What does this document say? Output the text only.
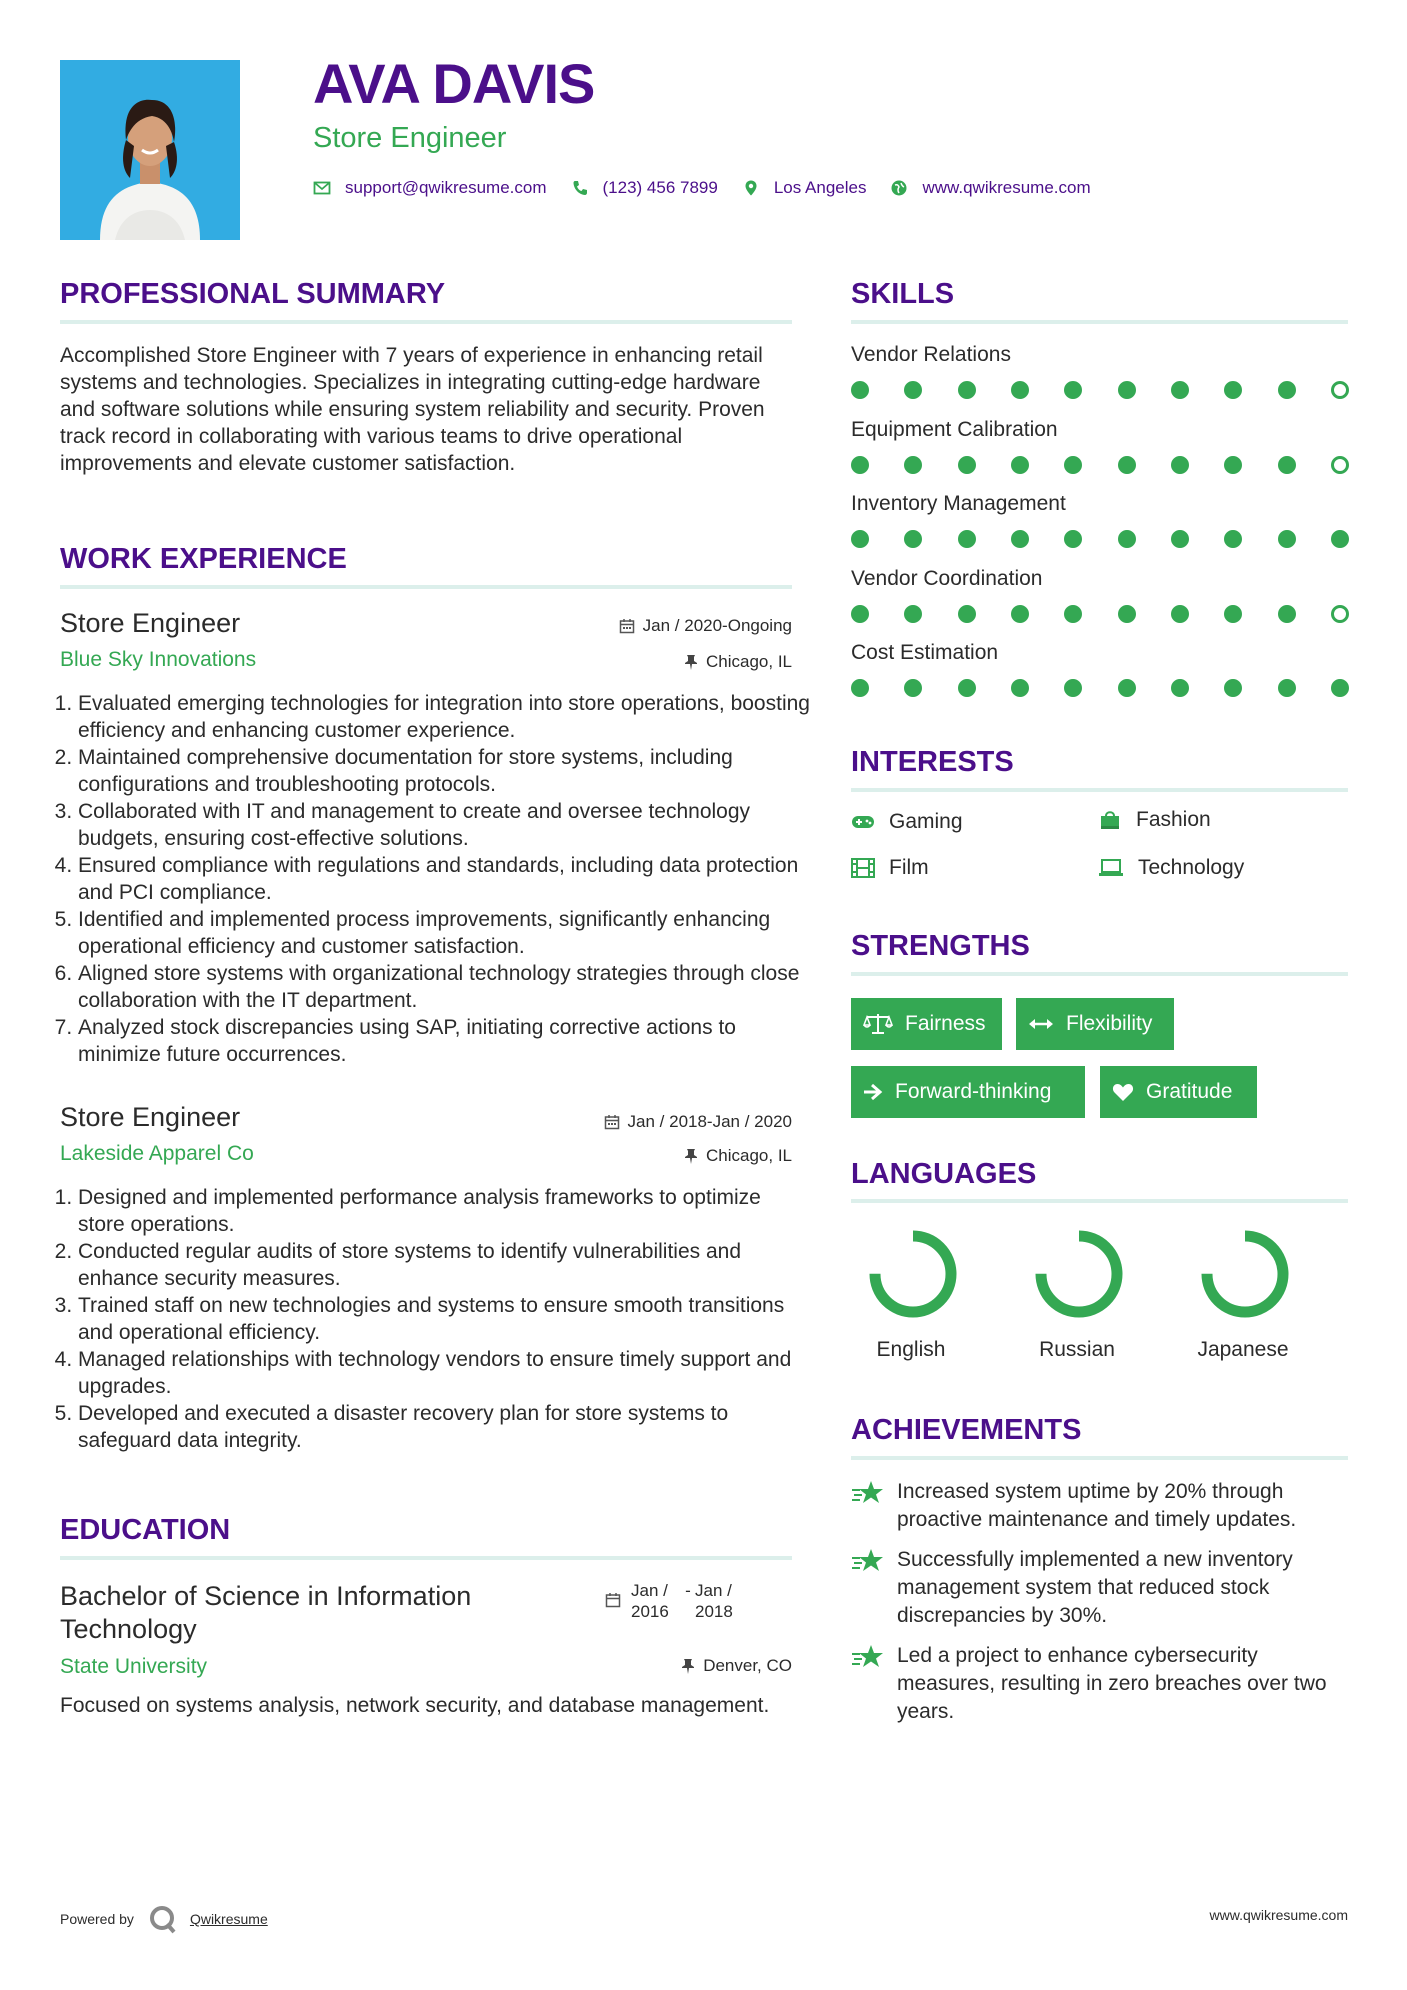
AVA DAVIS
Store Engineer
support@qwikresume.com	(123) 456 7899	Los Angeles	www.qwikresume.com
PROFESSIONAL SUMMARY
Accomplished Store Engineer with 7 years of experience in enhancing retail systems and technologies. Specializes in integrating cutting-edge hardware and software solutions while ensuring system reliability and security. Proven track record in collaborating with various teams to drive operational improvements and elevate customer satisfaction.
WORK EXPERIENCE
Store Engineer	Jan / 2020-Ongoing
Blue Sky Innovations	Chicago, IL
1. Evaluated emerging technologies for integration into store operations, boosting efficiency and enhancing customer experience.
2. Maintained comprehensive documentation for store systems, including configurations and troubleshooting protocols.
3. Collaborated with IT and management to create and oversee technology budgets, ensuring cost-effective solutions.
4. Ensured compliance with regulations and standards, including data protection and PCI compliance.
5. Identified and implemented process improvements, significantly enhancing operational efficiency and customer satisfaction.
6. Aligned store systems with organizational technology strategies through close collaboration with the IT department.
7. Analyzed stock discrepancies using SAP, initiating corrective actions to minimize future occurrences.
Store Engineer	Jan / 2018-Jan / 2020
Lakeside Apparel Co	Chicago, IL
1. Designed and implemented performance analysis frameworks to optimize store operations.
2. Conducted regular audits of store systems to identify vulnerabilities and enhance security measures.
3. Trained staff on new technologies and systems to ensure smooth transitions and operational efficiency.
4. Managed relationships with technology vendors to ensure timely support and upgrades.
5. Developed and executed a disaster recovery plan for store systems to safeguard data integrity.
EDUCATION
Bachelor of Science in Information Technology
Jan / 2016
- Jan / 2018
State University	Denver, CO
Focused on systems analysis, network security, and database management.
SKILLS
Vendor Relations
Equipment Calibration
Inventory Management
Vendor Coordination
Cost Estimation
INTERESTS
Gaming	Fashion
Film	Technology
STRENGTHS
Fairness	Flexibility
Forward-thinking	Gratitude
LANGUAGES
English	Russian	Japanese
ACHIEVEMENTS
Increased system uptime by 20% through proactive maintenance and timely updates.
Successfully implemented a new inventory management system that reduced stock discrepancies by 30%.
Led a project to enhance cybersecurity measures, resulting in zero breaches over two years.
Powered by	Qwikresume	www.qwikresume.com
